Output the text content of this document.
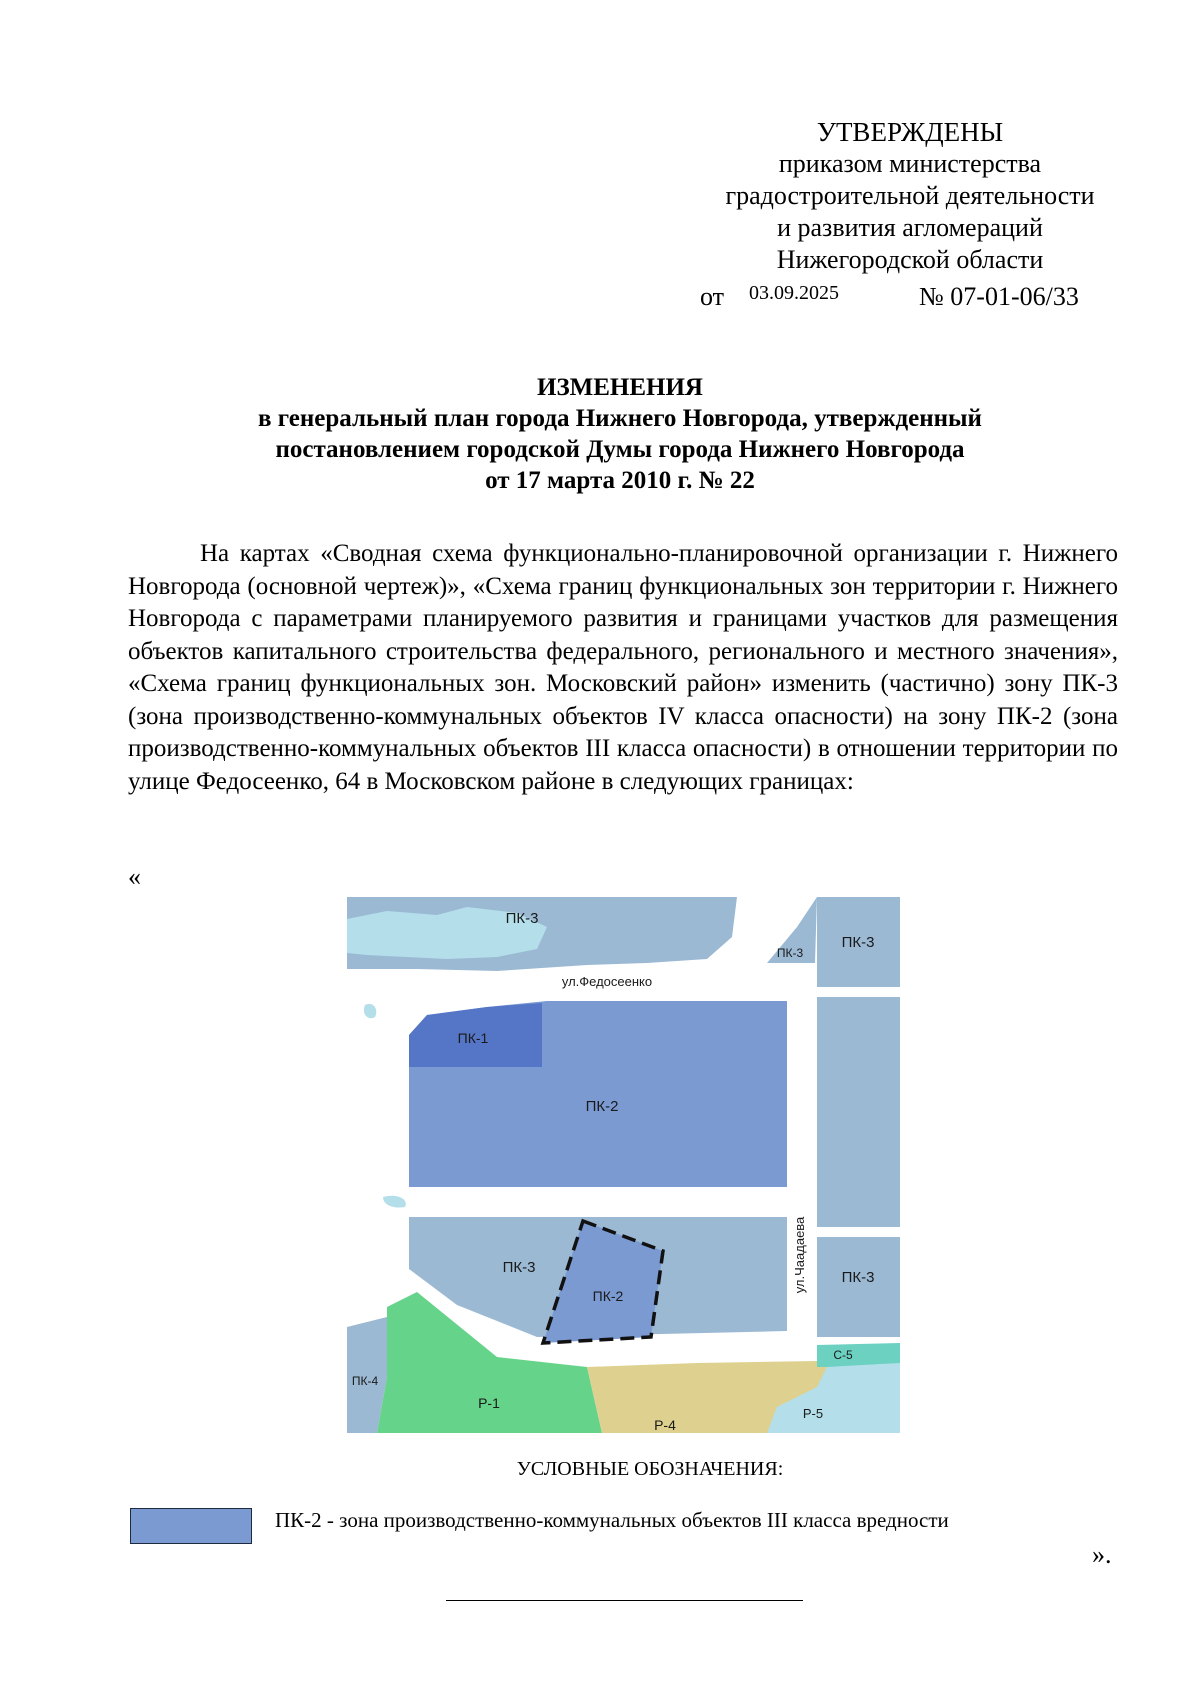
УТВЕРЖДЕНЫ
приказом министерства
градостроительной деятельности
и развития агломераций
Нижегородской области
от 03.09.2025	№ 07-01-06/33
ИЗМЕНЕНИЯ
в генеральный план города Нижнего Новгорода, утвержденный
постановлением городской Думы города Нижнего Новгорода
от 17 марта 2010 г. № 22

На картах «Сводная схема функционально-планировочной организации г. Нижнего Новгорода (основной чертеж)», «Схема границ функциональных зон территории г. Нижнего Новгорода с параметрами планируемого развития и границами участков для размещения объектов капитального строительства федерального, регионального и местного значения», «Схема границ функциональных зон. Московский район» изменить (частично) зону ПК-3 (зона производственно-коммунальных объектов IV класса опасности) на зону ПК-2 (зона производственно-коммунальных объектов III класса опасности) в отношении территории по улице Федосеенко, 64 в Московском районе в следующих границах:

«
ПК-3
ПК-3
ПК-3
ул.Федосеенко
ПК-1
ПК-2
ул.Чаадаева
ПК-3
ПК-2
ПК-3
С-5
ПК-4
Р-1
Р-4
Р-5
УСЛОВНЫЕ ОБОЗНАЧЕНИЯ:
ПК-2 - зона производственно-коммунальных объектов III класса вредности
».
